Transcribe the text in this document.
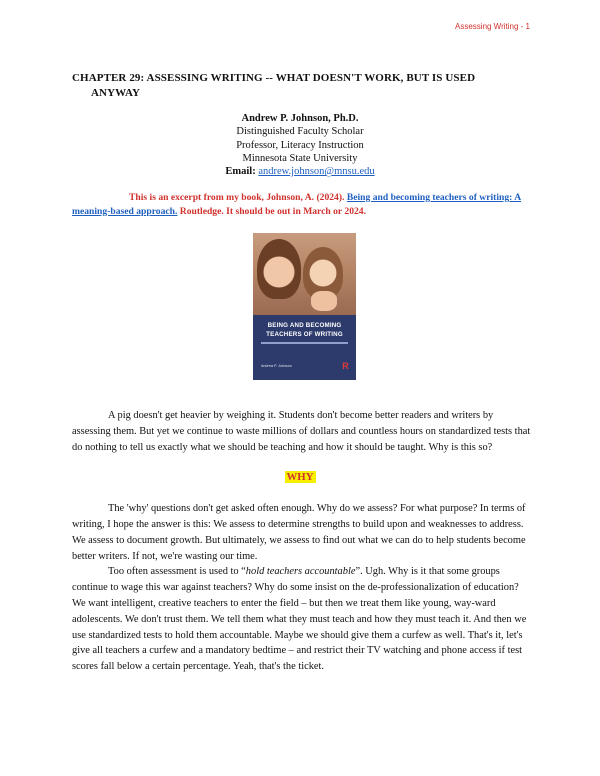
Assessing Writing - 1
CHAPTER 29: ASSESSING WRITING -- WHAT DOESN'T WORK, BUT IS USED
ANYWAY
Andrew P. Johnson, Ph.D.
Distinguished Faculty Scholar
Professor, Literacy Instruction
Minnesota State University
Email: andrew.johnson@mnsu.edu
This is an excerpt from my book, Johnson, A. (2024). Being and becoming teachers of writing: A meaning-based approach. Routledge. It should be out in March or 2024.
BEING AND BECOMING
TEACHERS OF WRITING
Andrew P. Johnson	R

A pig doesn't get heavier by weighing it. Students don't become better readers and writers by assessing them. But yet we continue to waste millions of dollars and countless hours on standardized tests that do nothing to tell us exactly what we should be teaching and how it should be taught. Why is this so?

WHY

The 'why' questions don't get asked often enough. Why do we assess? For what purpose? In terms of writing, I hope the answer is this: We assess to determine strengths to build upon and weaknesses to address. We assess to document growth. But ultimately, we assess to find out what we can do to help students become better writers. If not, we're wasting our time.

Too often assessment is used to “hold teachers accountable”. Ugh. Why is it that some groups continue to wage this war against teachers? Why do some insist on the de-professionalization of education? We want intelligent, creative teachers to enter the field – but then we treat them like young, way-ward adolescents. We don't trust them. We tell them what they must teach and how they must teach it. And then we use standardized tests to hold them accountable. Maybe we should give them a curfew as well. That's it, let's give all teachers a curfew and a mandatory bedtime – and restrict their TV watching and phone access if test scores fall below a certain percentage. Yeah, that's the ticket.
